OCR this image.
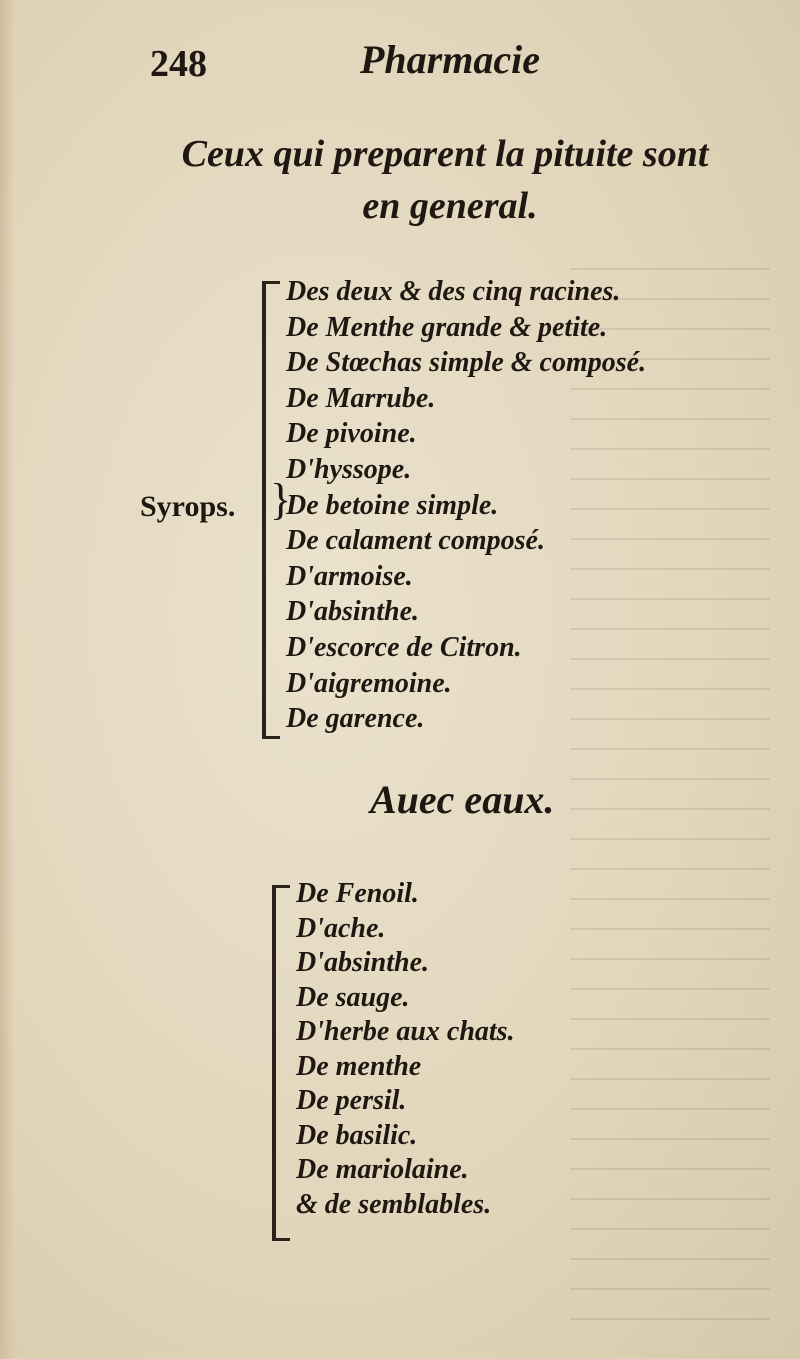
248	Pharmacie
Ceux qui preparent la pituite sont
en general.
Syrops. }
Des deux & des cinq racines.
De Menthe grande & petite.
De Stœchas simple & composé.
De Marrube.
De pivoine.
D'hyssope.
De betoine simple.
De calament composé.
D'armoise.
D'absinthe.
D'escorce de Citron.
D'aigremoine.
De garence.
Auec eaux.
De Fenoil.
D'ache.
D'absinthe.
De sauge.
D'herbe aux chats.
De menthe
De persil.
De basilic.
De mariolaine.
& de semblables.
